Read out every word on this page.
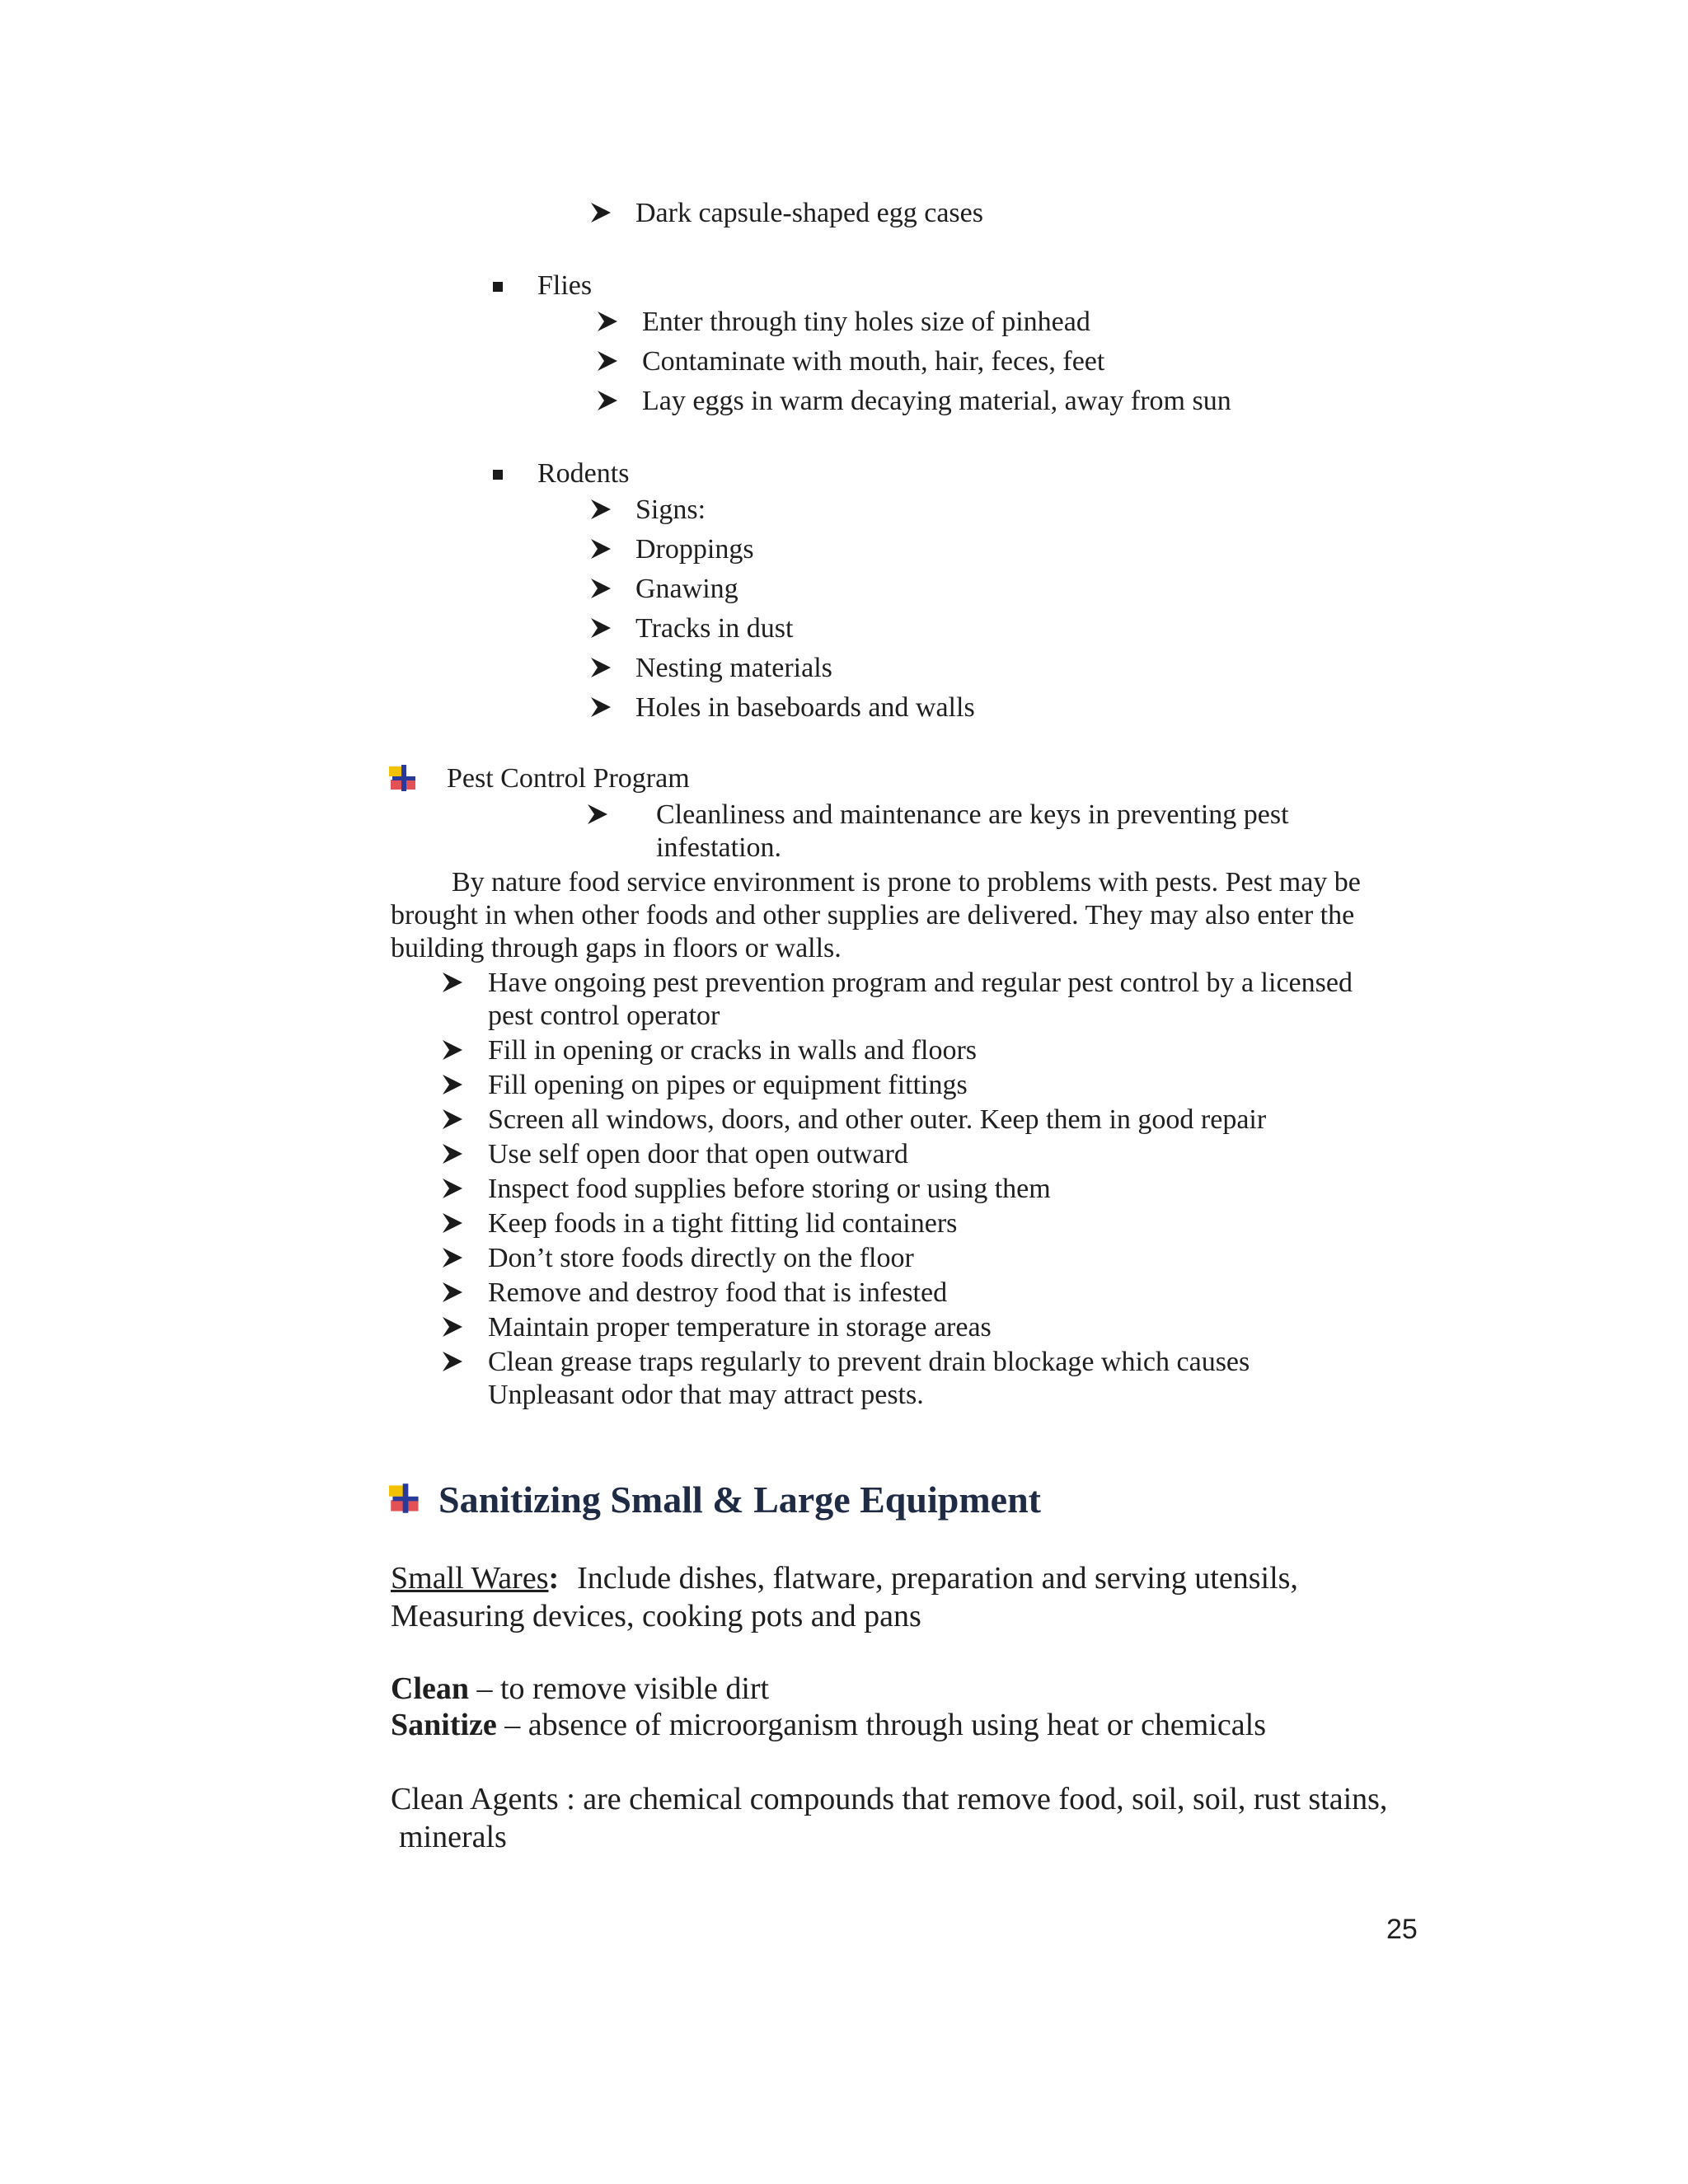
Dark capsule-shaped egg cases
Flies
Enter through tiny holes size of pinhead
Contaminate with mouth, hair, feces, feet
Lay eggs in warm decaying material, away from sun
Rodents
Signs:
Droppings
Gnawing
Tracks in dust
Nesting materials
Holes in baseboards and walls
Pest Control Program
Cleanliness and maintenance are keys in preventing pest
infestation.
By nature food service environment is prone to problems with pests. Pest may be
brought in when other foods and other supplies are delivered. They may also enter the
building through gaps in floors or walls.
Have ongoing pest prevention program and regular pest control by a licensed
pest control operator
Fill in opening or cracks in walls and floors
Fill opening on pipes or equipment fittings
Screen all windows, doors, and other outer. Keep them in good repair
Use self open door that open outward
Inspect food supplies before storing or using them
Keep foods in a tight fitting lid containers
Don’t store foods directly on the floor
Remove and destroy food that is infested
Maintain proper temperature in storage areas
Clean grease traps regularly to prevent drain blockage which causes
Unpleasant odor that may attract pests.
Sanitizing Small & Large Equipment
Small Wares: Include dishes, flatware, preparation and serving utensils,
Measuring devices, cooking pots and pans
Clean – to remove visible dirt
Sanitize – absence of microorganism through using heat or chemicals
Clean Agents : are chemical compounds that remove food, soil, soil, rust stains,
minerals
25
